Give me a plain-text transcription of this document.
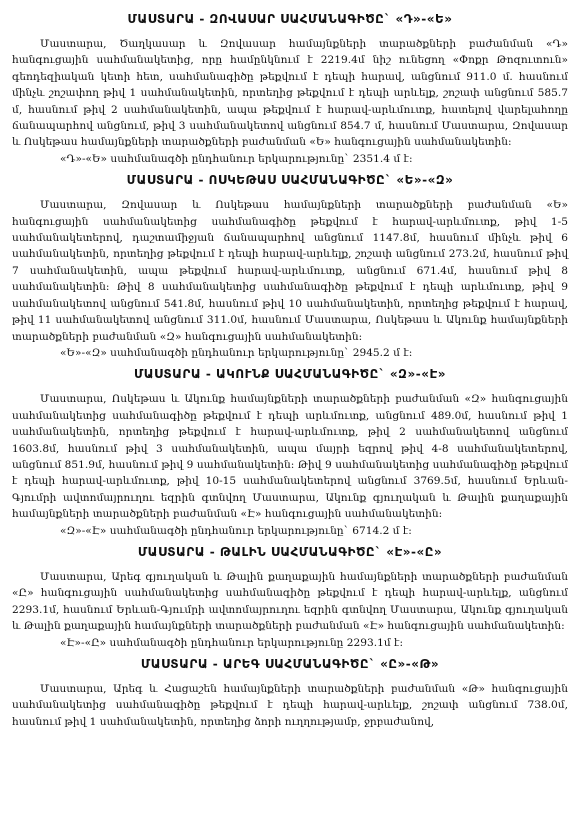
ՄԱՍՏԱՐԱ - ԶՈՎԱՍԱՐ ՍԱՀՄԱՆԱԳԻԾԸ` «Դ»-«Ե»

Մաստարա, Ծաղկասար և Զովասար համայնքների տարածքների բաժանման «Դ» հանգուցային սահմանակետից, որը համընկնում է 2219.4մ նիշ ունեցող «Փոքր Թոզուտուն» գեոդեզիական կետի հետ, սահմանագիծը թեքվում է դեպի հարավ, անցնում 911.0 մ. հասնում մինչև շոշափող թիվ 1 սահմանակետին, որտեղից թեքվում է դեպի արևելք, շոշափ անցնում 585.7 մ, հասնում թիվ 2 սահմանակետին, ապա թեքվում է հարավ-արևմուտք, հատելով վարելահողը ճանապարհով անցնում, թիվ 3 սահմանակետով անցնում 854.7 մ, հասնում Մաստարա, Զովասար և Ոսկեթաս համայնքների տարածքների բաժանման «Ե» հանգուցային սահմանակետին:

«Դ»-«Ե» սահմանագծի ընդհանուր երկարությունը` 2351.4 մ է:

ՄԱՍՏԱՐԱ - ՈՍԿԵԹԱՍ ՍԱՀՄԱՆԱԳԻԾԸ` «Ե»-«Զ»

Մաստարա, Զովասար և Ոսկեթաս համայնքների տարածքների բաժանման «Ե» հանգուցային սահմանակետից սահմանագիծը թեքվում է հարավ-արևմուտք, թիվ 1-5 սահմանակետերով, դաշտամիջյան ճանապարհով անցնում 1147.8մ, հասնում մինչև թիվ 6 սահմանակետին, որտեղից թեքվում է դեպի հարավ-արևելք, շոշափ անցնում 273.2մ, հասնում թիվ 7 սահմանակետին, ապա թեքվում հարավ-արևմուտք, անցնում 671.4մ, հասնում թիվ 8 սահմանակետին: Թիվ 8 սահմանակետից սահմանագիծը թեքվում է դեպի արևմուտք, թիվ 9 սահմանակետով անցնում 541.8մ, հասնում թիվ 10 սահմանակետին, որտեղից թեքվում է հարավ, թիվ 11 սահմանակետով անցնում 311.0մ, հասնում Մաստարա, Ոսկեթաս և Ակունք համայնքների տարածքների բաժանման «Զ» հանգուցային սահմանակետին:

«Ե»-«Զ» սահմանագծի ընդհանուր երկարությունը` 2945.2 մ է:

ՄԱՍՏԱՐԱ - ԱԿՈՒՆՔ ՍԱՀՄԱՆԱԳԻԾԸ` «Զ»-«Է»

Մաստարա, Ոսկեթաս և Ակունք համայնքների տարածքների բաժանման «Զ» հանգուցային սահմանակետից սահմանագիծը թեքվում է դեպի արևմուտք, անցնում 489.0մ, հասնում թիվ 1 սահմանակետին, որտեղից թեքվում է հարավ-արևմուտք, թիվ 2 սահմանակետով անցնում 1603.8մ, հասնում թիվ 3 սահմանակետին, ապա մայրի եզրով թիվ 4-8 սահմանակետերով, անցնում 851.9մ, հասնում թիվ 9 սահմանակետին: Թիվ 9 սահմանակետից սահմանագիծը թեքվում է դեպի հարավ-արևմուտք, թիվ 10-15 սահմանակետերով անցնում 3769.5մ, հասնում Երևան-Գյումրի ավտոմայրուղու եզրին գտնվող Մաստարա, Ակունք գյուղական և Թալին քաղաքային համայնքների տարածքների բաժանման «Է» հանգուցային սահմանակետին:

«Զ»-«Է» սահմանագծի ընդհանուր երկարությունը` 6714.2 մ է:

ՄԱՍՏԱՐԱ - ԹԱԼԻՆ ՍԱՀՄԱՆԱԳԻԾԸ` «Է»-«Ը»

Մաստարա, Արեգ գյուղական և Թալին քաղաքային համայնքների տարածքների բաժանման «Ը» հանգուցային սահմանակետից սահմանագիծը թեքվում է դեպի հարավ-արևելք, անցնում 2293.1մ, հասնում Երևան-Գյումրի ավտոմայրուղու եզրին գտնվող Մաստարա, Ակունք գյուղական և Թալին քաղաքային համայնքների տարածքների բաժանման «Է» հանգուցային սահմանակետին:

«Է»-«Ը» սահմանագծի ընդհանուր երկարությունը 2293.1մ է:

ՄԱՍՏԱՐԱ - ԱՐԵԳ ՍԱՀՄԱՆԱԳԻԾԸ` «Ը»-«Թ»

Մաստարա, Արեգ և Հացաշեն համայնքների տարածքների բաժանման «Թ» հանգուցային սահմանակետից սահմանագիծը թեքվում է դեպի հարավ-արևելք, շոշափ անցնում 738.0մ, հասնում թիվ 1 սահմանակետին, որտեղից ձորի ուղղությամբ, ջրբաժանով,
